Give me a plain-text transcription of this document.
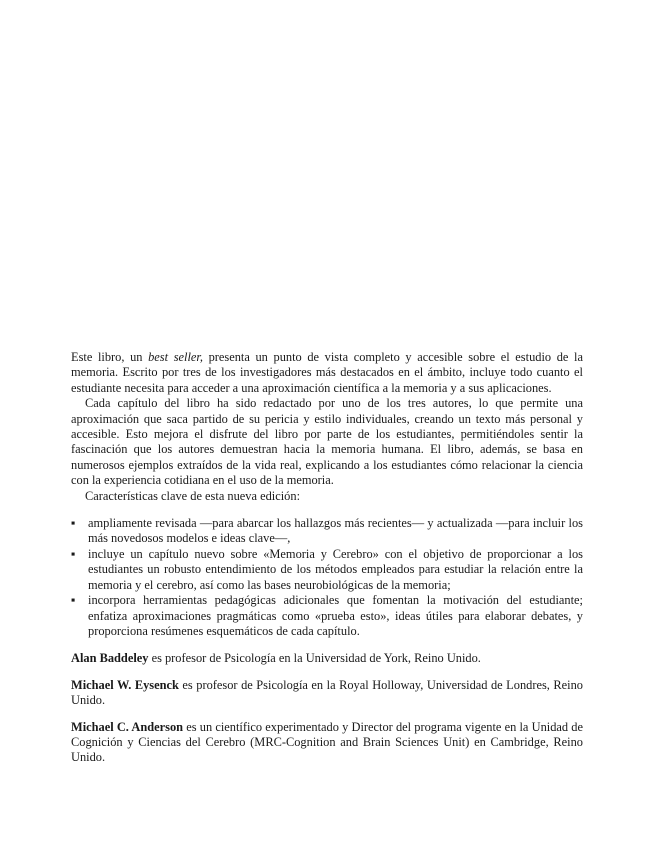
Este libro, un best seller, presenta un punto de vista completo y accesible sobre el estudio de la memoria. Escrito por tres de los investigadores más destacados en el ámbito, incluye todo cuanto el estudiante necesita para acceder a una aproximación científica a la memoria y a sus aplicaciones.

Cada capítulo del libro ha sido redactado por uno de los tres autores, lo que permite una aproximación que saca partido de su pericia y estilo individuales, creando un texto más personal y accesible. Esto mejora el disfrute del libro por parte de los estudiantes, permitiéndoles sentir la fascinación que los autores demuestran hacia la memoria humana. El libro, además, se basa en numerosos ejemplos extraídos de la vida real, explicando a los estudiantes cómo relacionar la ciencia con la experiencia cotidiana en el uso de la memoria.

Características clave de esta nueva edición:

▪	ampliamente revisada —para abarcar los hallazgos más recientes— y actualizada —para incluir los más novedosos modelos e ideas clave—,
▪	incluye un capítulo nuevo sobre «Memoria y Cerebro» con el objetivo de proporcionar a los estudiantes un robusto entendimiento de los métodos empleados para estudiar la relación entre la memoria y el cerebro, así como las bases neurobiológicas de la memoria;
▪	incorpora herramientas pedagógicas adicionales que fomentan la motivación del estudiante; enfatiza aproximaciones pragmáticas como «prueba esto», ideas útiles para elaborar debates, y proporciona resúmenes esquemáticos de cada capítulo.

Alan Baddeley es profesor de Psicología en la Universidad de York, Reino Unido.

Michael W. Eysenck es profesor de Psicología en la Royal Holloway, Universidad de Londres, Reino Unido.

Michael C. Anderson es un científico experimentado y Director del programa vigente en la Unidad de Cognición y Ciencias del Cerebro (MRC-Cognition and Brain Sciences Unit) en Cambridge, Reino Unido.
